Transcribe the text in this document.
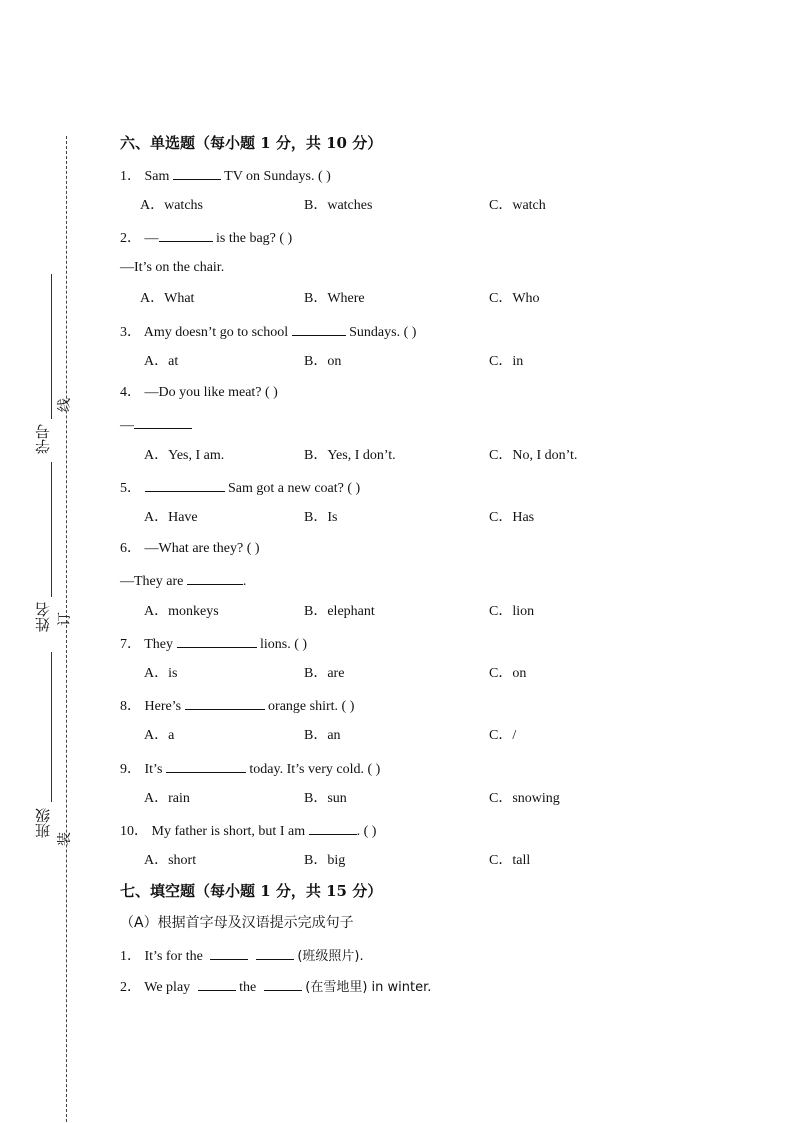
班级
姓名
学号
线
订
装
六、单选题（每小题 1 分，共 10 分）
1． Sam	TV on Sundays. ( )
A．watchs	B．watches	C．watch
2． —	is the bag? ( )
—It’s on the chair.
A．What	B．Where	C．Who
3． Amy doesn’t go to school	Sundays. ( )
A．at	B．on	C．in
4． —Do you like meat? ( )
—
A．Yes, I am.	B．Yes, I don’t.	C．No, I don’t.
5．	Sam got a new coat? ( )
A．Have	B．Is	C．Has
6． —What are they? ( )
—They are	.
A．monkeys	B．elephant	C．lion
7． They	lions. ( )
A．is	B．are	C．on
8． Here’s	orange shirt. ( )
A．a	B．an	C．/
9． It’s	today. It’s very cold. ( )
A．rain	B．sun	C．snowing
10． My father is short, but I am	. ( )
A．short	B．big	C．tall
七、填空题（每小题 1 分，共 15 分）
（A）根据首字母及汉语提示完成句子
1． It’s for the	(班级照片).
2． We play	the	(在雪地里) in winter.
